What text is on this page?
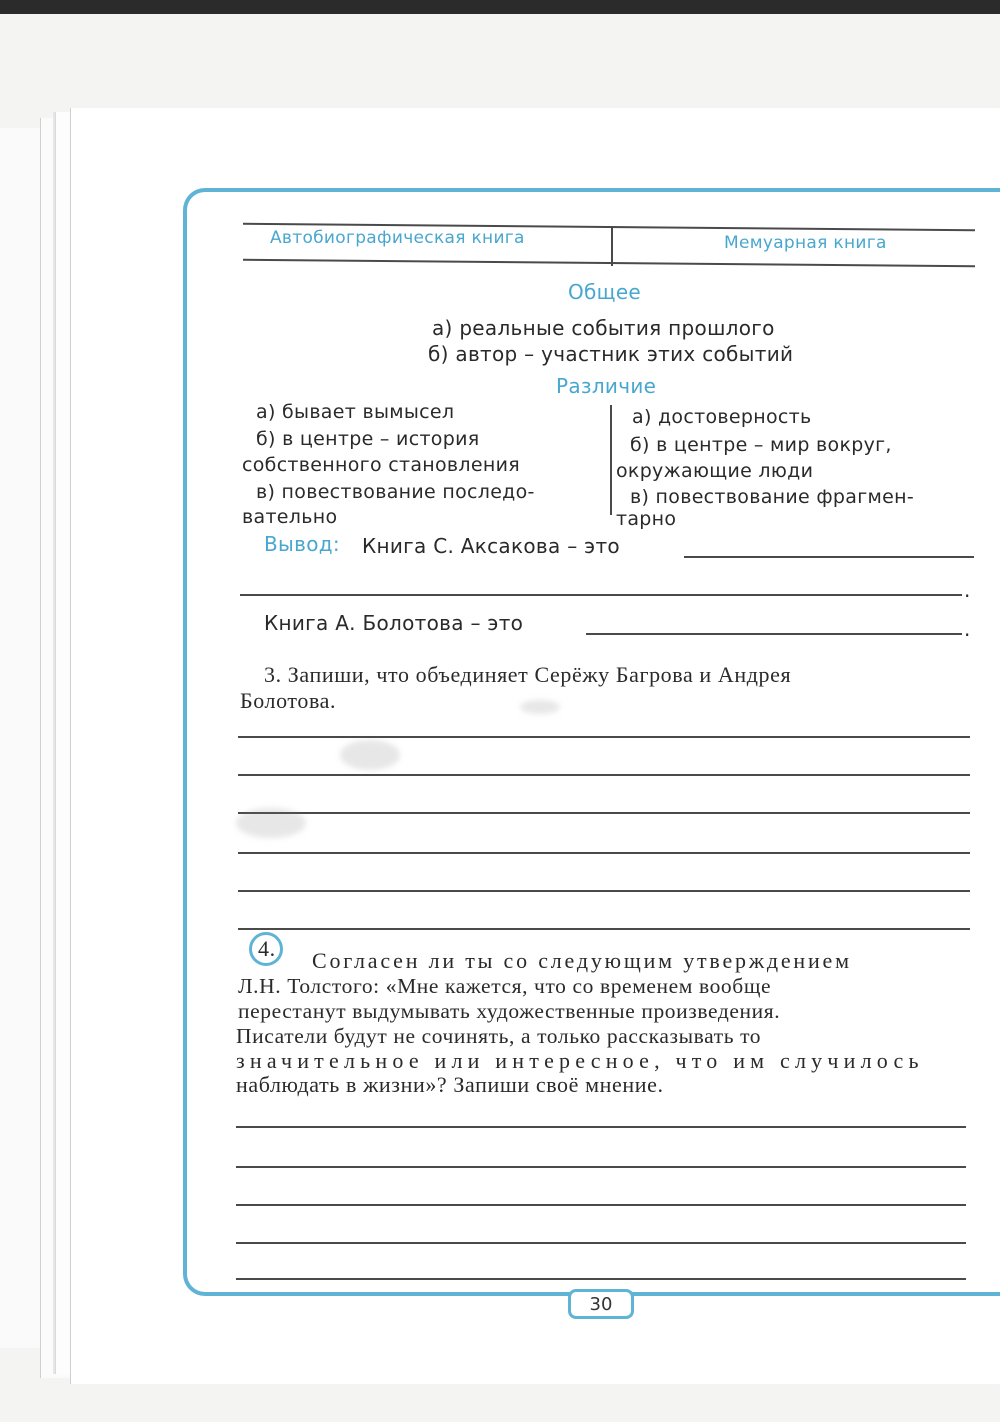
Автобиографическая книга	Мемуарная книга
Общее
а) реальные события прошлого
б) автор – участник этих событий
Различие
а) бывает вымысел
б) в центре – история
собственного становления
в) повествование последо-
вательно
а) достоверность
б) в центре – мир вокруг,
окружающие люди
в) повествование фрагмен-
тарно
Вывод: Книга С. Аксакова – это
.
Книга А. Болотова – это	.
3. Запиши, что объединяет Серёжу Багрова и Андрея
Болотова.
4. Согласен ли ты со следующим утверждением
Л.Н. Толстого: «Мне кажется, что со временем вообще
перестанут выдумывать художественные произведения.
Писатели будут не сочинять, а только рассказывать то
значительное или интересное, что им случилось
наблюдать в жизни»? Запиши своё мнение.
30
